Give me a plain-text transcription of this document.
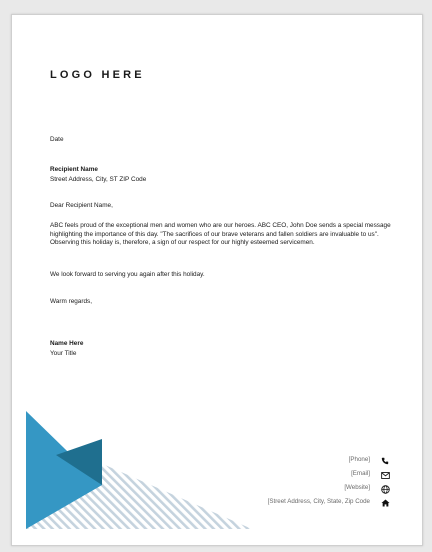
LOGO HERE
Date
Recipient Name
Street Address, City, ST ZIP Code
Dear Recipient Name,
ABC feels proud of the exceptional men and women who are our heroes. ABC CEO, John Doe sends a special message highlighting the importance of this day. "The sacrifices of our brave veterans and fallen soldiers are invaluable to us". Observing this holiday is, therefore, a sign of our respect for our highly esteemed servicemen.
We look forward to serving you again after this holiday.
Warm regards,
Name Here
Your Title
[Phone]
[Email]
[Website]
[Street Address, City, State, Zip Code
